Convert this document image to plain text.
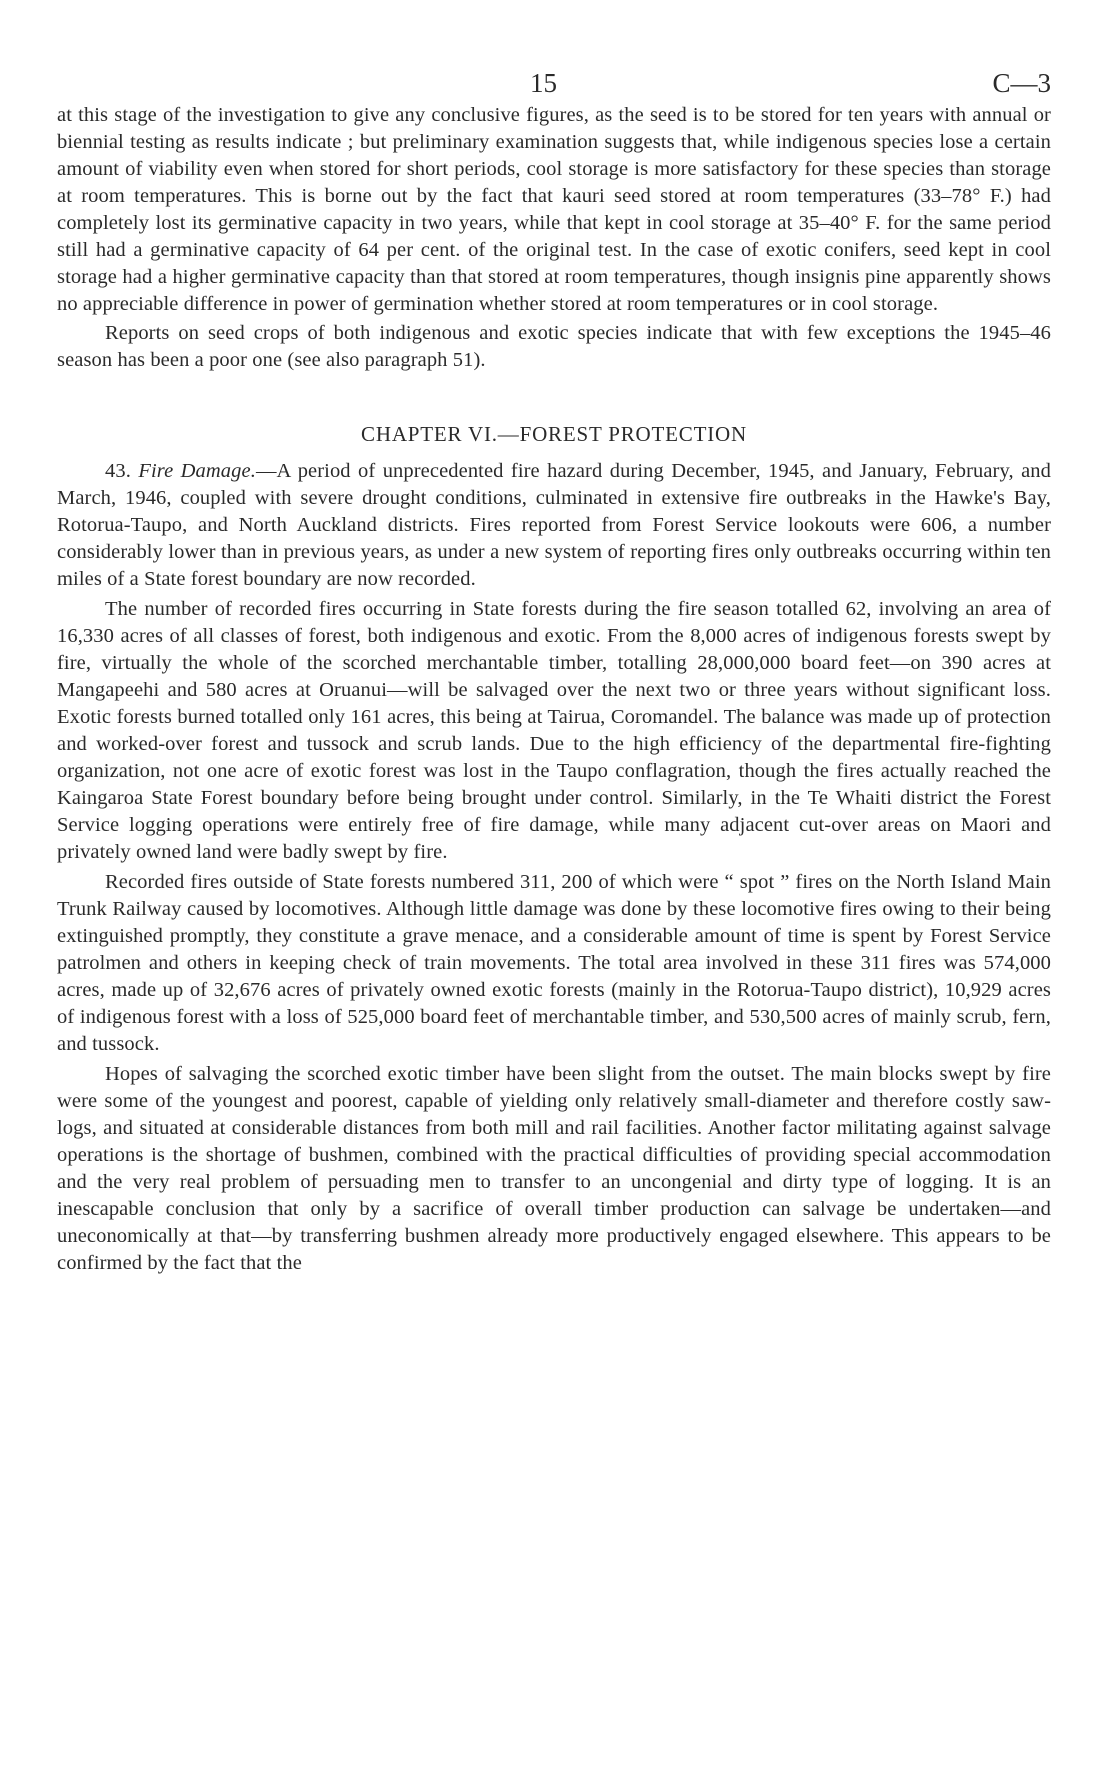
15	C—3

at this stage of the investigation to give any conclusive figures, as the seed is to be stored for ten years with annual or biennial testing as results indicate ; but preliminary examination suggests that, while indigenous species lose a certain amount of viability even when stored for short periods, cool storage is more satisfactory for these species than storage at room temperatures. This is borne out by the fact that kauri seed stored at room temperatures (33–78° F.) had completely lost its germinative capacity in two years, while that kept in cool storage at 35–40° F. for the same period still had a germinative capacity of 64 per cent. of the original test. In the case of exotic conifers, seed kept in cool storage had a higher germinative capacity than that stored at room temperatures, though insignis pine apparently shows no appreciable difference in power of germination whether stored at room temperatures or in cool storage.

Reports on seed crops of both indigenous and exotic species indicate that with few exceptions the 1945–46 season has been a poor one (see also paragraph 51).

CHAPTER VI.—FOREST PROTECTION

43. Fire Damage.—A period of unprecedented fire hazard during December, 1945, and January, February, and March, 1946, coupled with severe drought conditions, culminated in extensive fire outbreaks in the Hawke's Bay, Rotorua-Taupo, and North Auckland districts. Fires reported from Forest Service lookouts were 606, a number considerably lower than in previous years, as under a new system of reporting fires only outbreaks occurring within ten miles of a State forest boundary are now recorded.

The number of recorded fires occurring in State forests during the fire season totalled 62, involving an area of 16,330 acres of all classes of forest, both indigenous and exotic. From the 8,000 acres of indigenous forests swept by fire, virtually the whole of the scorched merchantable timber, totalling 28,000,000 board feet—on 390 acres at Mangapeehi and 580 acres at Oruanui—will be salvaged over the next two or three years without significant loss. Exotic forests burned totalled only 161 acres, this being at Tairua, Coromandel. The balance was made up of protection and worked-over forest and tussock and scrub lands. Due to the high efficiency of the departmental fire-fighting organization, not one acre of exotic forest was lost in the Taupo conflagration, though the fires actually reached the Kaingaroa State Forest boundary before being brought under control. Similarly, in the Te Whaiti district the Forest Service logging operations were entirely free of fire damage, while many adjacent cut-over areas on Maori and privately owned land were badly swept by fire.

Recorded fires outside of State forests numbered 311, 200 of which were “ spot ” fires on the North Island Main Trunk Railway caused by locomotives. Although little damage was done by these locomotive fires owing to their being extinguished promptly, they constitute a grave menace, and a considerable amount of time is spent by Forest Service patrolmen and others in keeping check of train movements. The total area involved in these 311 fires was 574,000 acres, made up of 32,676 acres of privately owned exotic forests (mainly in the Rotorua-Taupo district), 10,929 acres of indigenous forest with a loss of 525,000 board feet of merchantable timber, and 530,500 acres of mainly scrub, fern, and tussock.

Hopes of salvaging the scorched exotic timber have been slight from the outset. The main blocks swept by fire were some of the youngest and poorest, capable of yielding only relatively small-diameter and therefore costly saw-logs, and situated at considerable distances from both mill and rail facilities. Another factor militating against salvage operations is the shortage of bushmen, combined with the practical difficulties of providing special accommodation and the very real problem of persuading men to transfer to an uncongenial and dirty type of logging. It is an inescapable conclusion that only by a sacrifice of overall timber production can salvage be undertaken—and uneconomically at that—by transferring bushmen already more productively engaged elsewhere. This appears to be confirmed by the fact that the
